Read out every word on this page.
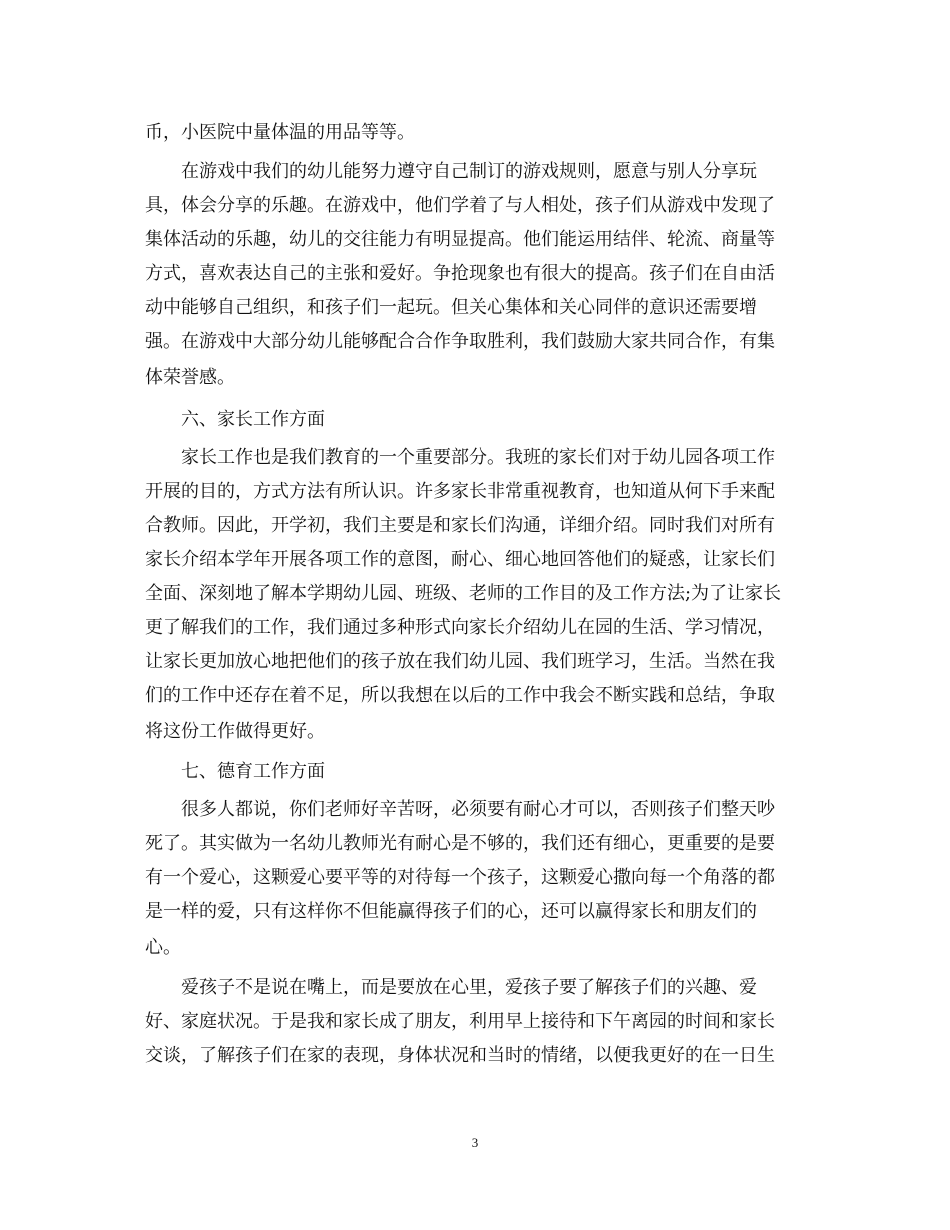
币，小医院中量体温的用品等等。
在游戏中我们的幼儿能努力遵守自己制订的游戏规则，愿意与别人分享玩
具，体会分享的乐趣。在游戏中，他们学着了与人相处，孩子们从游戏中发现了
集体活动的乐趣，幼儿的交往能力有明显提高。他们能运用结伴、轮流、商量等
方式，喜欢表达自己的主张和爱好。争抢现象也有很大的提高。孩子们在自由活
动中能够自己组织，和孩子们一起玩。但关心集体和关心同伴的意识还需要增
强。在游戏中大部分幼儿能够配合合作争取胜利，我们鼓励大家共同合作，有集
体荣誉感。
六、家长工作方面
家长工作也是我们教育的一个重要部分。我班的家长们对于幼儿园各项工作
开展的目的，方式方法有所认识。许多家长非常重视教育，也知道从何下手来配
合教师。因此，开学初，我们主要是和家长们沟通，详细介绍。同时我们对所有
家长介绍本学年开展各项工作的意图，耐心、细心地回答他们的疑惑，让家长们
全面、深刻地了解本学期幼儿园、班级、老师的工作目的及工作方法;为了让家长
更了解我们的工作，我们通过多种形式向家长介绍幼儿在园的生活、学习情况，
让家长更加放心地把他们的孩子放在我们幼儿园、我们班学习，生活。当然在我
们的工作中还存在着不足，所以我想在以后的工作中我会不断实践和总结，争取
将这份工作做得更好。
七、德育工作方面
很多人都说，你们老师好辛苦呀，必须要有耐心才可以，否则孩子们整天吵
死了。其实做为一名幼儿教师光有耐心是不够的，我们还有细心，更重要的是要
有一个爱心，这颗爱心要平等的对待每一个孩子，这颗爱心撒向每一个角落的都
是一样的爱，只有这样你不但能赢得孩子们的心，还可以赢得家长和朋友们的
心。
爱孩子不是说在嘴上，而是要放在心里，爱孩子要了解孩子们的兴趣、爱
好、家庭状况。于是我和家长成了朋友，利用早上接待和下午离园的时间和家长
交谈，了解孩子们在家的表现，身体状况和当时的情绪，以便我更好的在一日生
3
